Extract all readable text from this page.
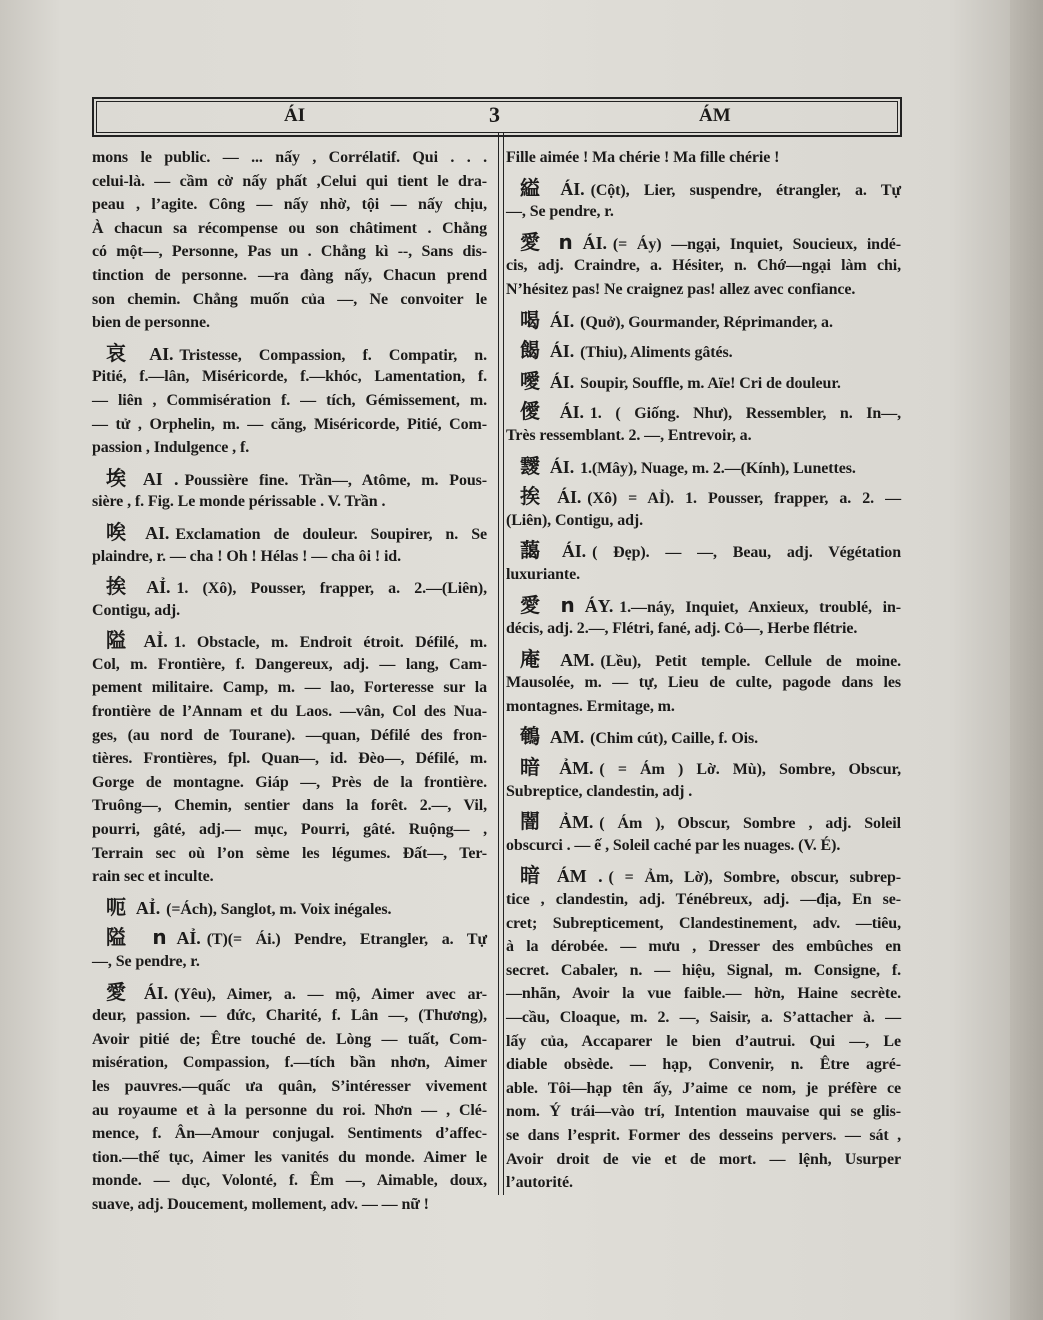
ÁI	3	ÁM
mons le public. — ... nấy , Corrélatif. Qui . . .
celui-là. — cầm cờ nấy phất ,Celui qui tient le dra-
peau , l’agite. Công — nấy nhờ, tội — nấy chịu,
À chacun sa récompense ou son châtiment . Chẳng
có một—, Personne, Pas un . Chẳng kì --, Sans dis-
tinction de personne. —ra đàng nấy, Chacun prend
son chemin. Chẳng muốn của —, Ne convoiter le
bien de personne.
哀 AI. Tristesse, Compassion, f. Compatir, n.
Pitié, f.—lân, Miséricorde, f.—khóc, Lamentation, f.
— liên , Commisération f. — tích, Gémissement, m.
— tử , Orphelin, m. — căng, Miséricorde, Pitié, Com-
passion , Indulgence , f.
埃 AI . Poussière fine. Trần—, Atôme, m. Pous-
sière , f. Fig. Le monde périssable . V. Trần .
唉 AI. Exclamation de douleur. Soupirer, n. Se
plaindre, r. — cha ! Oh ! Hélas ! — cha ôi ! id.
挨 AỈ. 1. (Xô), Pousser, frapper, a. 2.—(Liên),
Contigu, adj.
隘 AỈ. 1. Obstacle, m. Endroit étroit. Défilé, m.
Col, m. Frontière, f. Dangereux, adj. — lang, Cam-
pement militaire. Camp, m. — lao, Forteresse sur la
frontière de l’Annam et du Laos. —vân, Col des Nua-
ges, (au nord de Tourane). —quan, Défilé des fron-
tières. Frontières, fpl. Quan—, id. Đèo—, Défilé, m.
Gorge de montagne. Giáp —, Près de la frontière.
Truông—, Chemin, sentier dans la forêt. 2.—, Vil,
pourri, gâté, adj.— mục, Pourri, gâté. Ruộng— ,
Terrain sec où l’on sème les légumes. Đất—, Ter-
rain sec et inculte.
呃 AỈ. (=Ách), Sanglot, m. Voix inégales.
隘 n AỈ. (T)(= Ái.) Pendre, Etrangler, a. Tự
—, Se pendre, r.
愛 ÁI. (Yêu), Aimer, a. — mộ, Aimer avec ar-
deur, passion. — đức, Charité, f. Lân —, (Thương),
Avoir pitié de; Être touché de. Lòng — tuất, Com-
misération, Compassion, f.—tích bần nhơn, Aimer
les pauvres.—quấc ưa quân, S’intéresser vivement
au royaume et à la personne du roi. Nhơn — , Clé-
mence, f. Ân—Amour conjugal. Sentiments d’affec-
tion.—thế tục, Aimer les vanités du monde. Aimer le
monde. — dục, Volonté, f. Êm —, Aimable, doux,
suave, adj. Doucement, mollement, adv. — — nữ !
Fille aimée ! Ma chérie ! Ma fille chérie !
縊 ÁI. (Cột), Lier, suspendre, étrangler, a. Tự
—, Se pendre, r.
愛 n ÁI. (= Áy) —ngại, Inquiet, Soucieux, indé-
cis, adj. Craindre, a. Hésiter, n. Chớ—ngại làm chi,
N’hésitez pas! Ne craignez pas! allez avec confiance.
喝 ÁI. (Quở), Gourmander, Réprimander, a.
餲 ÁI. (Thiu), Aliments gâtés.
噯 ÁI. Soupir, Souffle, m. Aïe! Cri de douleur.
僾 ÁI. 1. ( Giống. Như), Ressembler, n. In—,
Très ressemblant. 2. —, Entrevoir, a.
靉 ÁI. 1.(Mây), Nuage, m. 2.—(Kính), Lunettes.
挨 ÁI. (Xô) = AỈ). 1. Pousser, frapper, a. 2. —
(Liên), Contigu, adj.
藹 ÁI. ( Đẹp). — —, Beau, adj. Végétation
luxuriante.
愛 n ÁY. 1.—náy, Inquiet, Anxieux, troublé, in-
décis, adj. 2.—, Flétri, fané, adj. Cỏ—, Herbe flétrie.
庵 AM. (Lều), Petit temple. Cellule de moine.
Mausolée, m. — tự, Lieu de culte, pagode dans les
montagnes. Ermitage, m.
鵪 AM. (Chim cút), Caille, f. Ois.
暗 ẢM. ( = Ám ) Lờ. Mù), Sombre, Obscur,
Subreptice, clandestin, adj .
闇 ẢM. ( Ám ), Obscur, Sombre , adj. Soleil
obscurci . — ế , Soleil caché par les nuages. (V. É).
暗 ÁM . ( = Ảm, Lờ), Sombre, obscur, subrep-
tice , clandestin, adj. Ténébreux, adj. —địa, En se-
cret; Subrepticement, Clandestinement, adv. —tiêu,
à la dérobée. — mưu , Dresser des embûches en
secret. Cabaler, n. — hiệu, Signal, m. Consigne, f.
—nhãn, Avoir la vue faible.— hờn, Haine secrète.
—cầu, Cloaque, m. 2. —, Saisir, a. S’attacher à. —
lấy của, Accaparer le bien d’autrui. Qui —, Le
diable obsède. — hạp, Convenir, n. Être agré-
able. Tôi—hạp tên ấy, J’aime ce nom, je préfère ce
nom. Ý trái—vào trí, Intention mauvaise qui se glis-
se dans l’esprit. Former des desseins pervers. — sát ,
Avoir droit de vie et de mort. — lệnh, Usurper
l’autorité.
